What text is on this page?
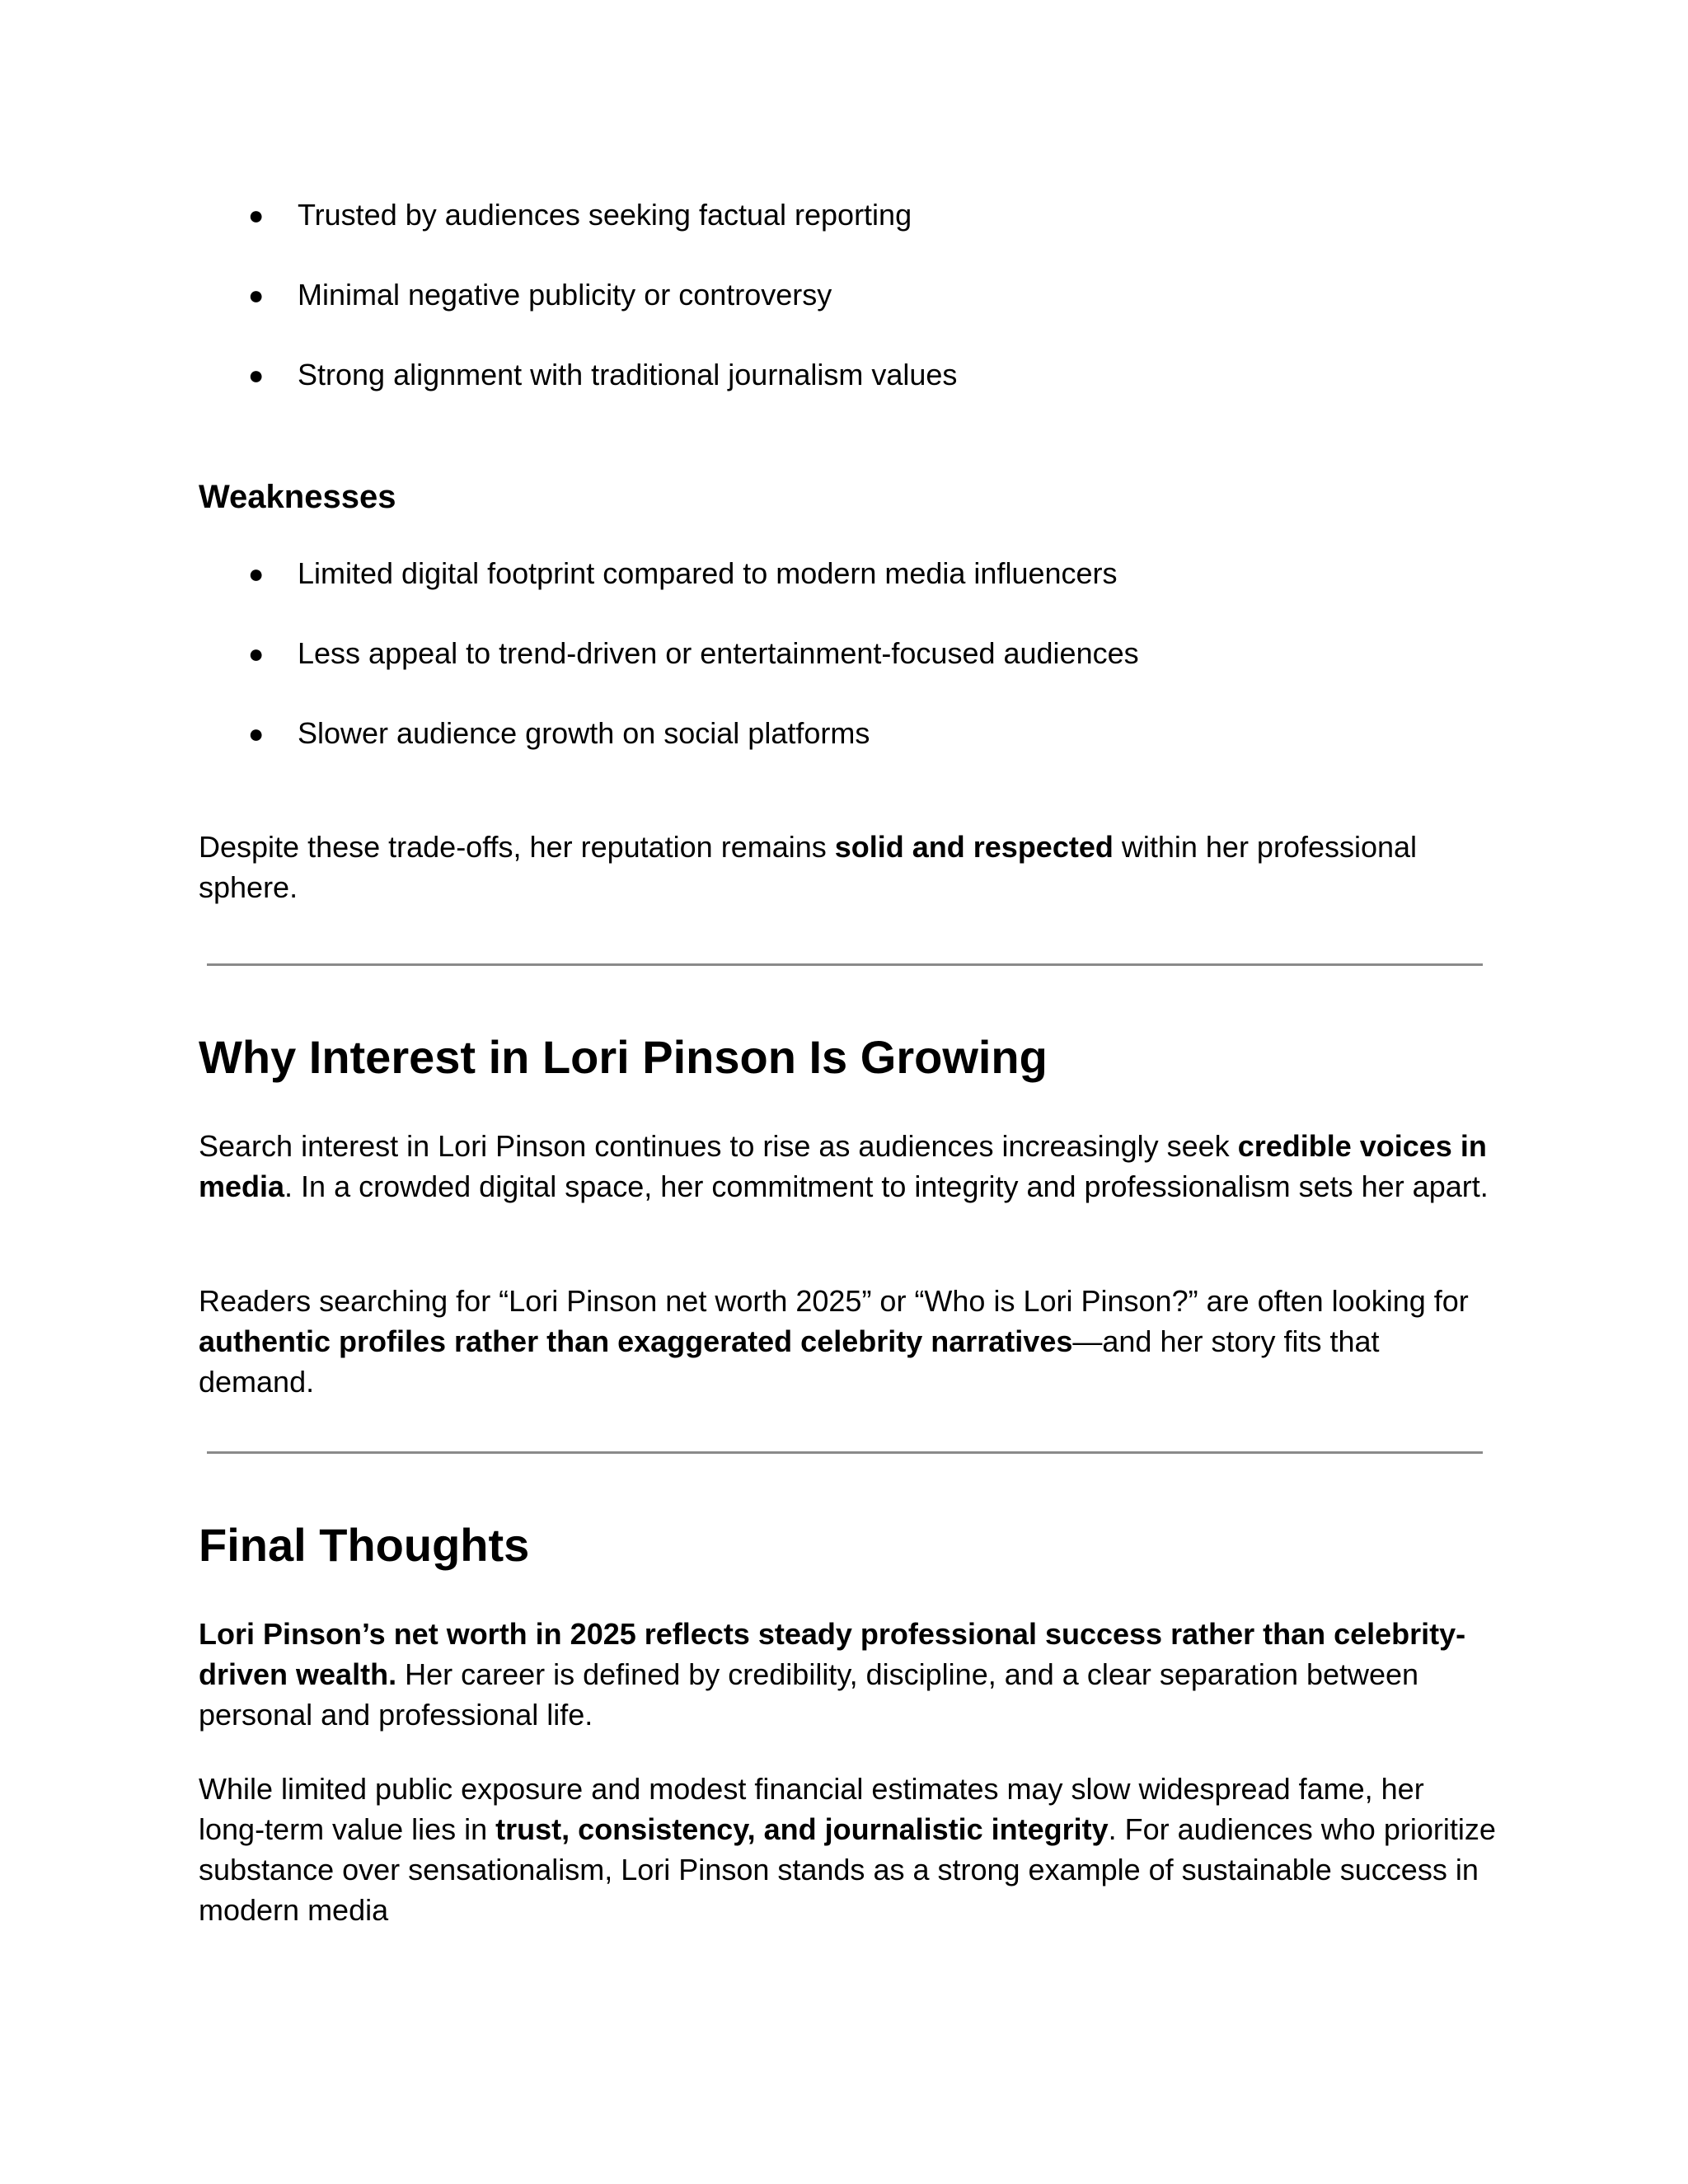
● Trusted by audiences seeking factual reporting
● Minimal negative publicity or controversy
● Strong alignment with traditional journalism values
Weaknesses
● Limited digital footprint compared to modern media influencers
● Less appeal to trend-driven or entertainment-focused audiences
● Slower audience growth on social platforms

Despite these trade-offs, her reputation remains solid and respected within her professional sphere.

Why Interest in Lori Pinson Is Growing

Search interest in Lori Pinson continues to rise as audiences increasingly seek credible voices in media. In a crowded digital space, her commitment to integrity and professionalism sets her apart.

Readers searching for “Lori Pinson net worth 2025” or “Who is Lori Pinson?” are often looking for authentic profiles rather than exaggerated celebrity narratives—and her story fits that demand.

Final Thoughts

Lori Pinson’s net worth in 2025 reflects steady professional success rather than celebrity-driven wealth. Her career is defined by credibility, discipline, and a clear separation between personal and professional life.

While limited public exposure and modest financial estimates may slow widespread fame, her long-term value lies in trust, consistency, and journalistic integrity. For audiences who prioritize substance over sensationalism, Lori Pinson stands as a strong example of sustainable success in modern media
